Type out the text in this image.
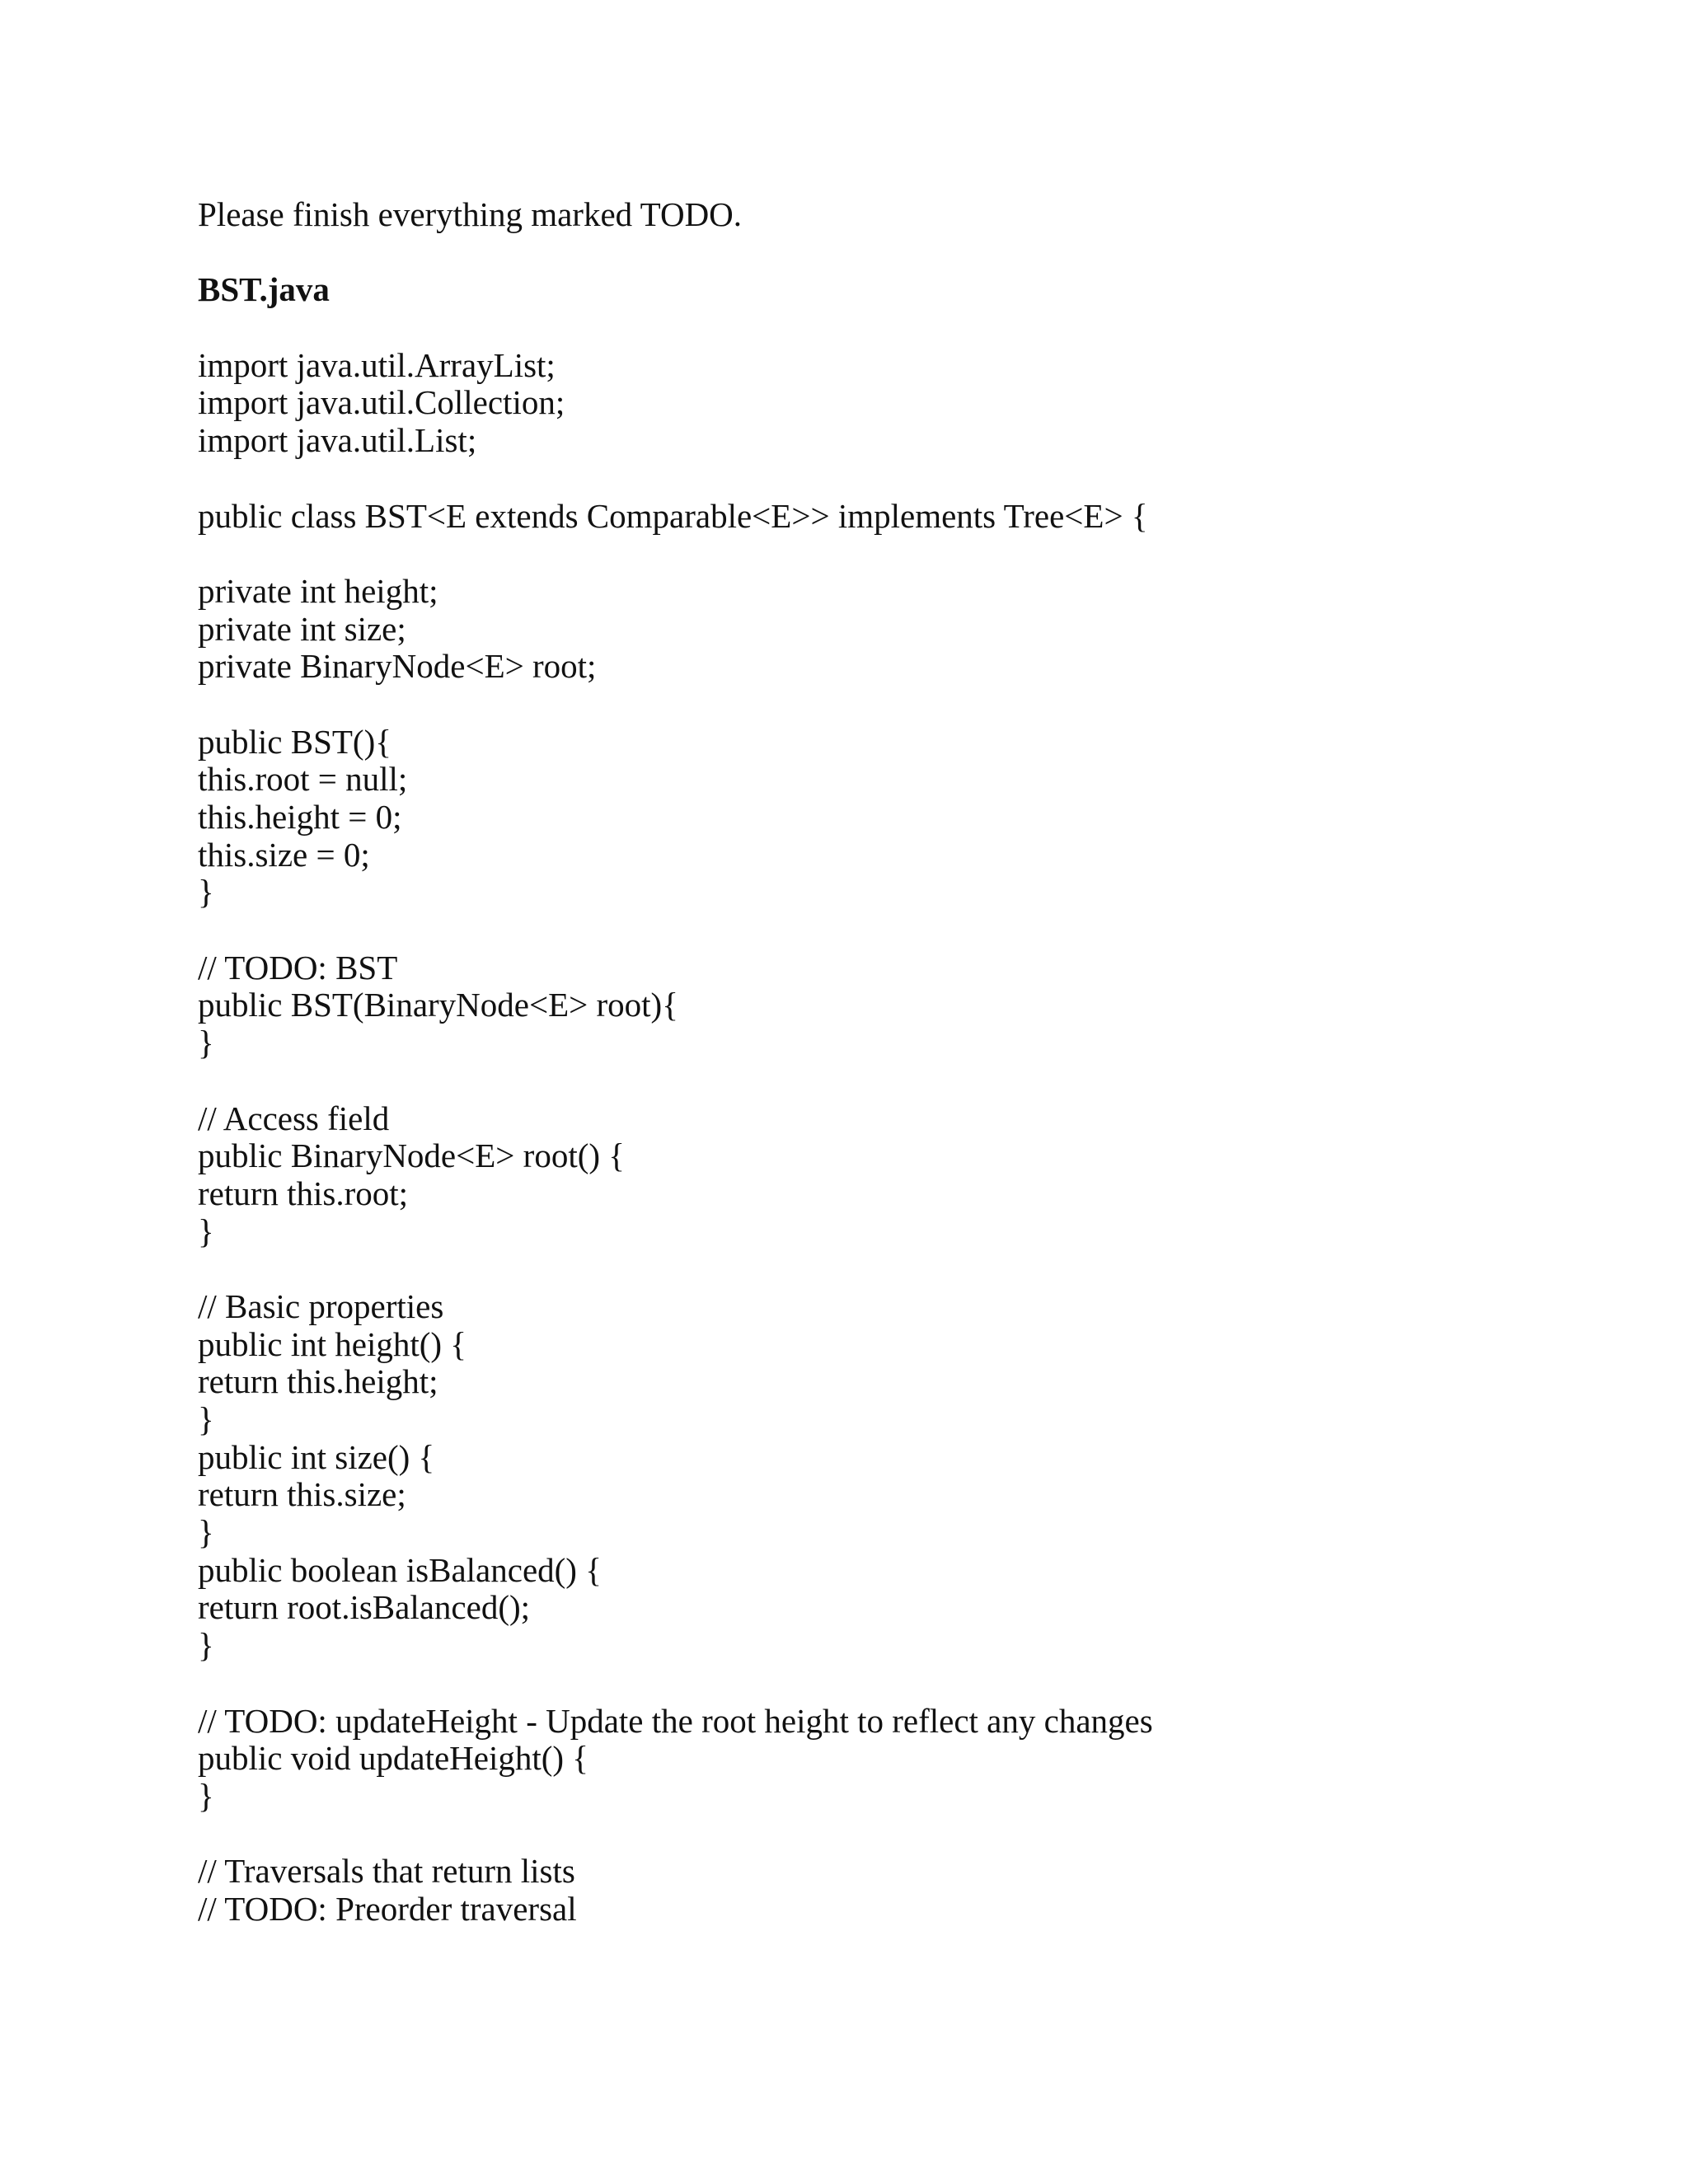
Please finish everything marked TODO.
BST.java
import java.util.ArrayList;
import java.util.Collection;
import java.util.List;
public class BST<E extends Comparable<E>> implements Tree<E> {
private int height;
private int size;
private BinaryNode<E> root;
public BST(){
this.root = null;
this.height = 0;
this.size = 0;
}
// TODO: BST
public BST(BinaryNode<E> root){
}
// Access field
public BinaryNode<E> root() {
return this.root;
}
// Basic properties
public int height() {
return this.height;
}
public int size() {
return this.size;
}
public boolean isBalanced() {
return root.isBalanced();
}
// TODO: updateHeight - Update the root height to reflect any changes
public void updateHeight() {
}
// Traversals that return lists
// TODO: Preorder traversal
